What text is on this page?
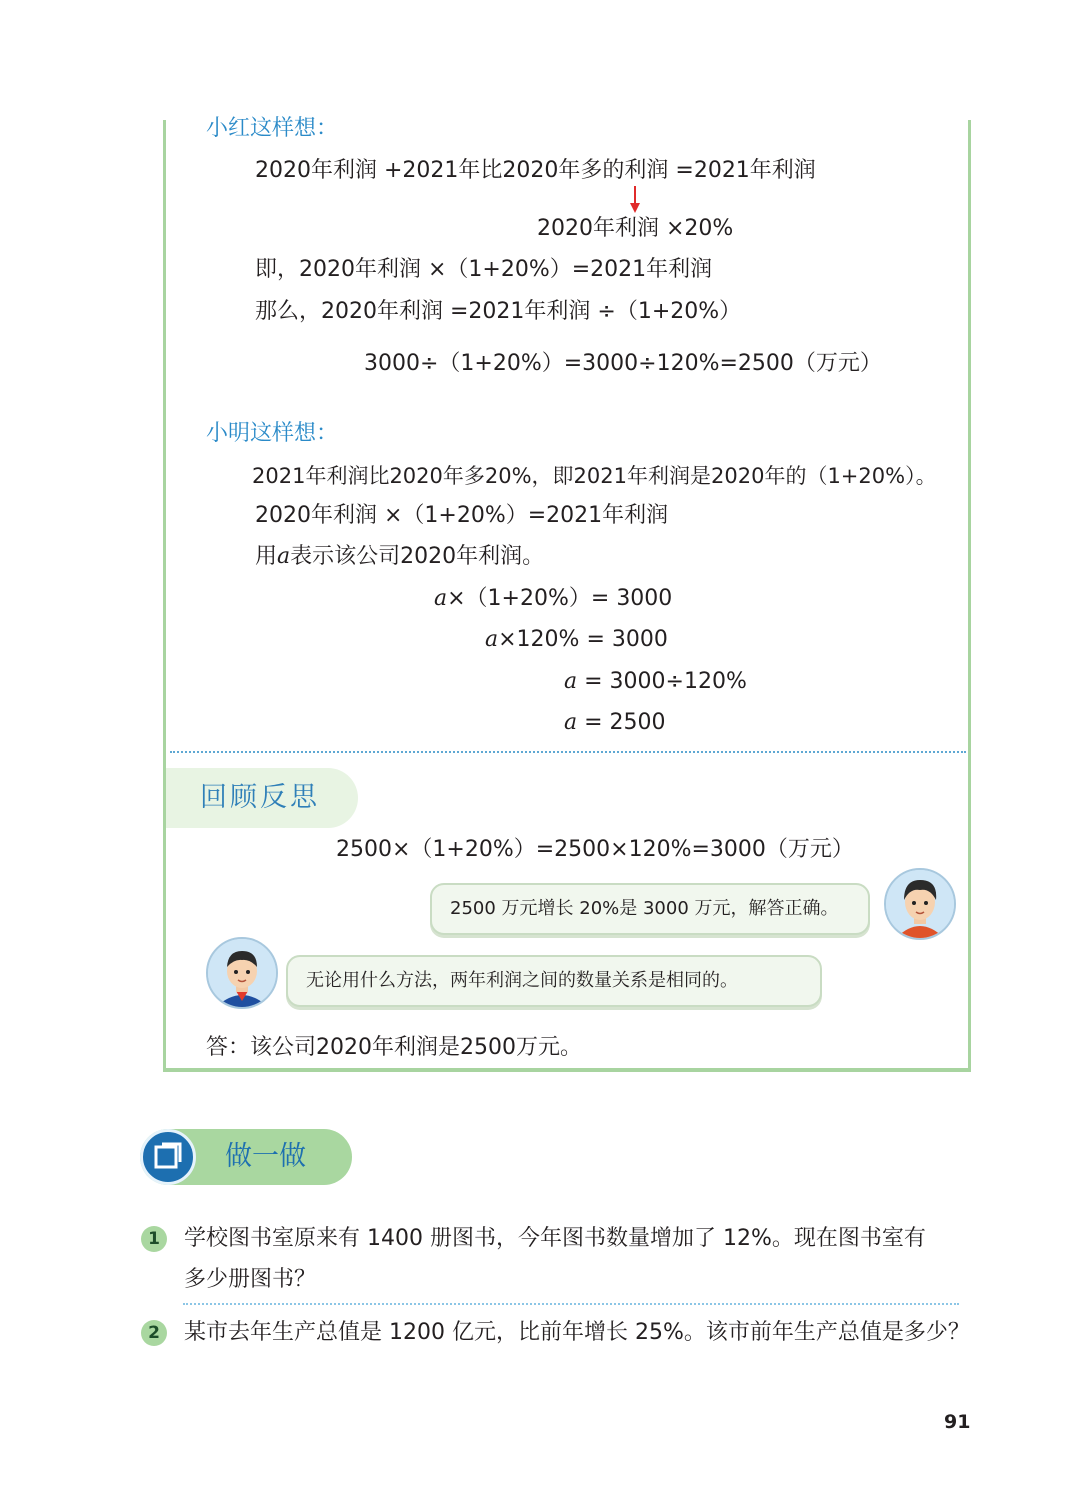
小红这样想：
2020年利润 +2021年比2020年多的利润 =2021年利润
2020年利润 ×20%
即，2020年利润 ×（1+20%）=2021年利润
那么，2020年利润 =2021年利润 ÷（1+20%）
3000÷（1+20%）=3000÷120%=2500（万元）
小明这样想：
2021年利润比2020年多20%，即2021年利润是2020年的（1+20%）。
2020年利润 ×（1+20%）=2021年利润
用a表示该公司2020年利润。
a×（1+20%）= 3000
a×120% = 3000
a = 3000÷120%
a = 2500
回顾反思
2500×（1+20%）=2500×120%=3000（万元）
2500 万元增长 20%是 3000 万元，解答正确。
无论用什么方法，两年利润之间的数量关系是相同的。
答：该公司2020年利润是2500万元。
做一做
1	学校图书室原来有 1400 册图书，今年图书数量增加了 12%。现在图书室有
多少册图书？
2	某市去年生产总值是 1200 亿元，比前年增长 25%。该市前年生产总值是多少？
91
